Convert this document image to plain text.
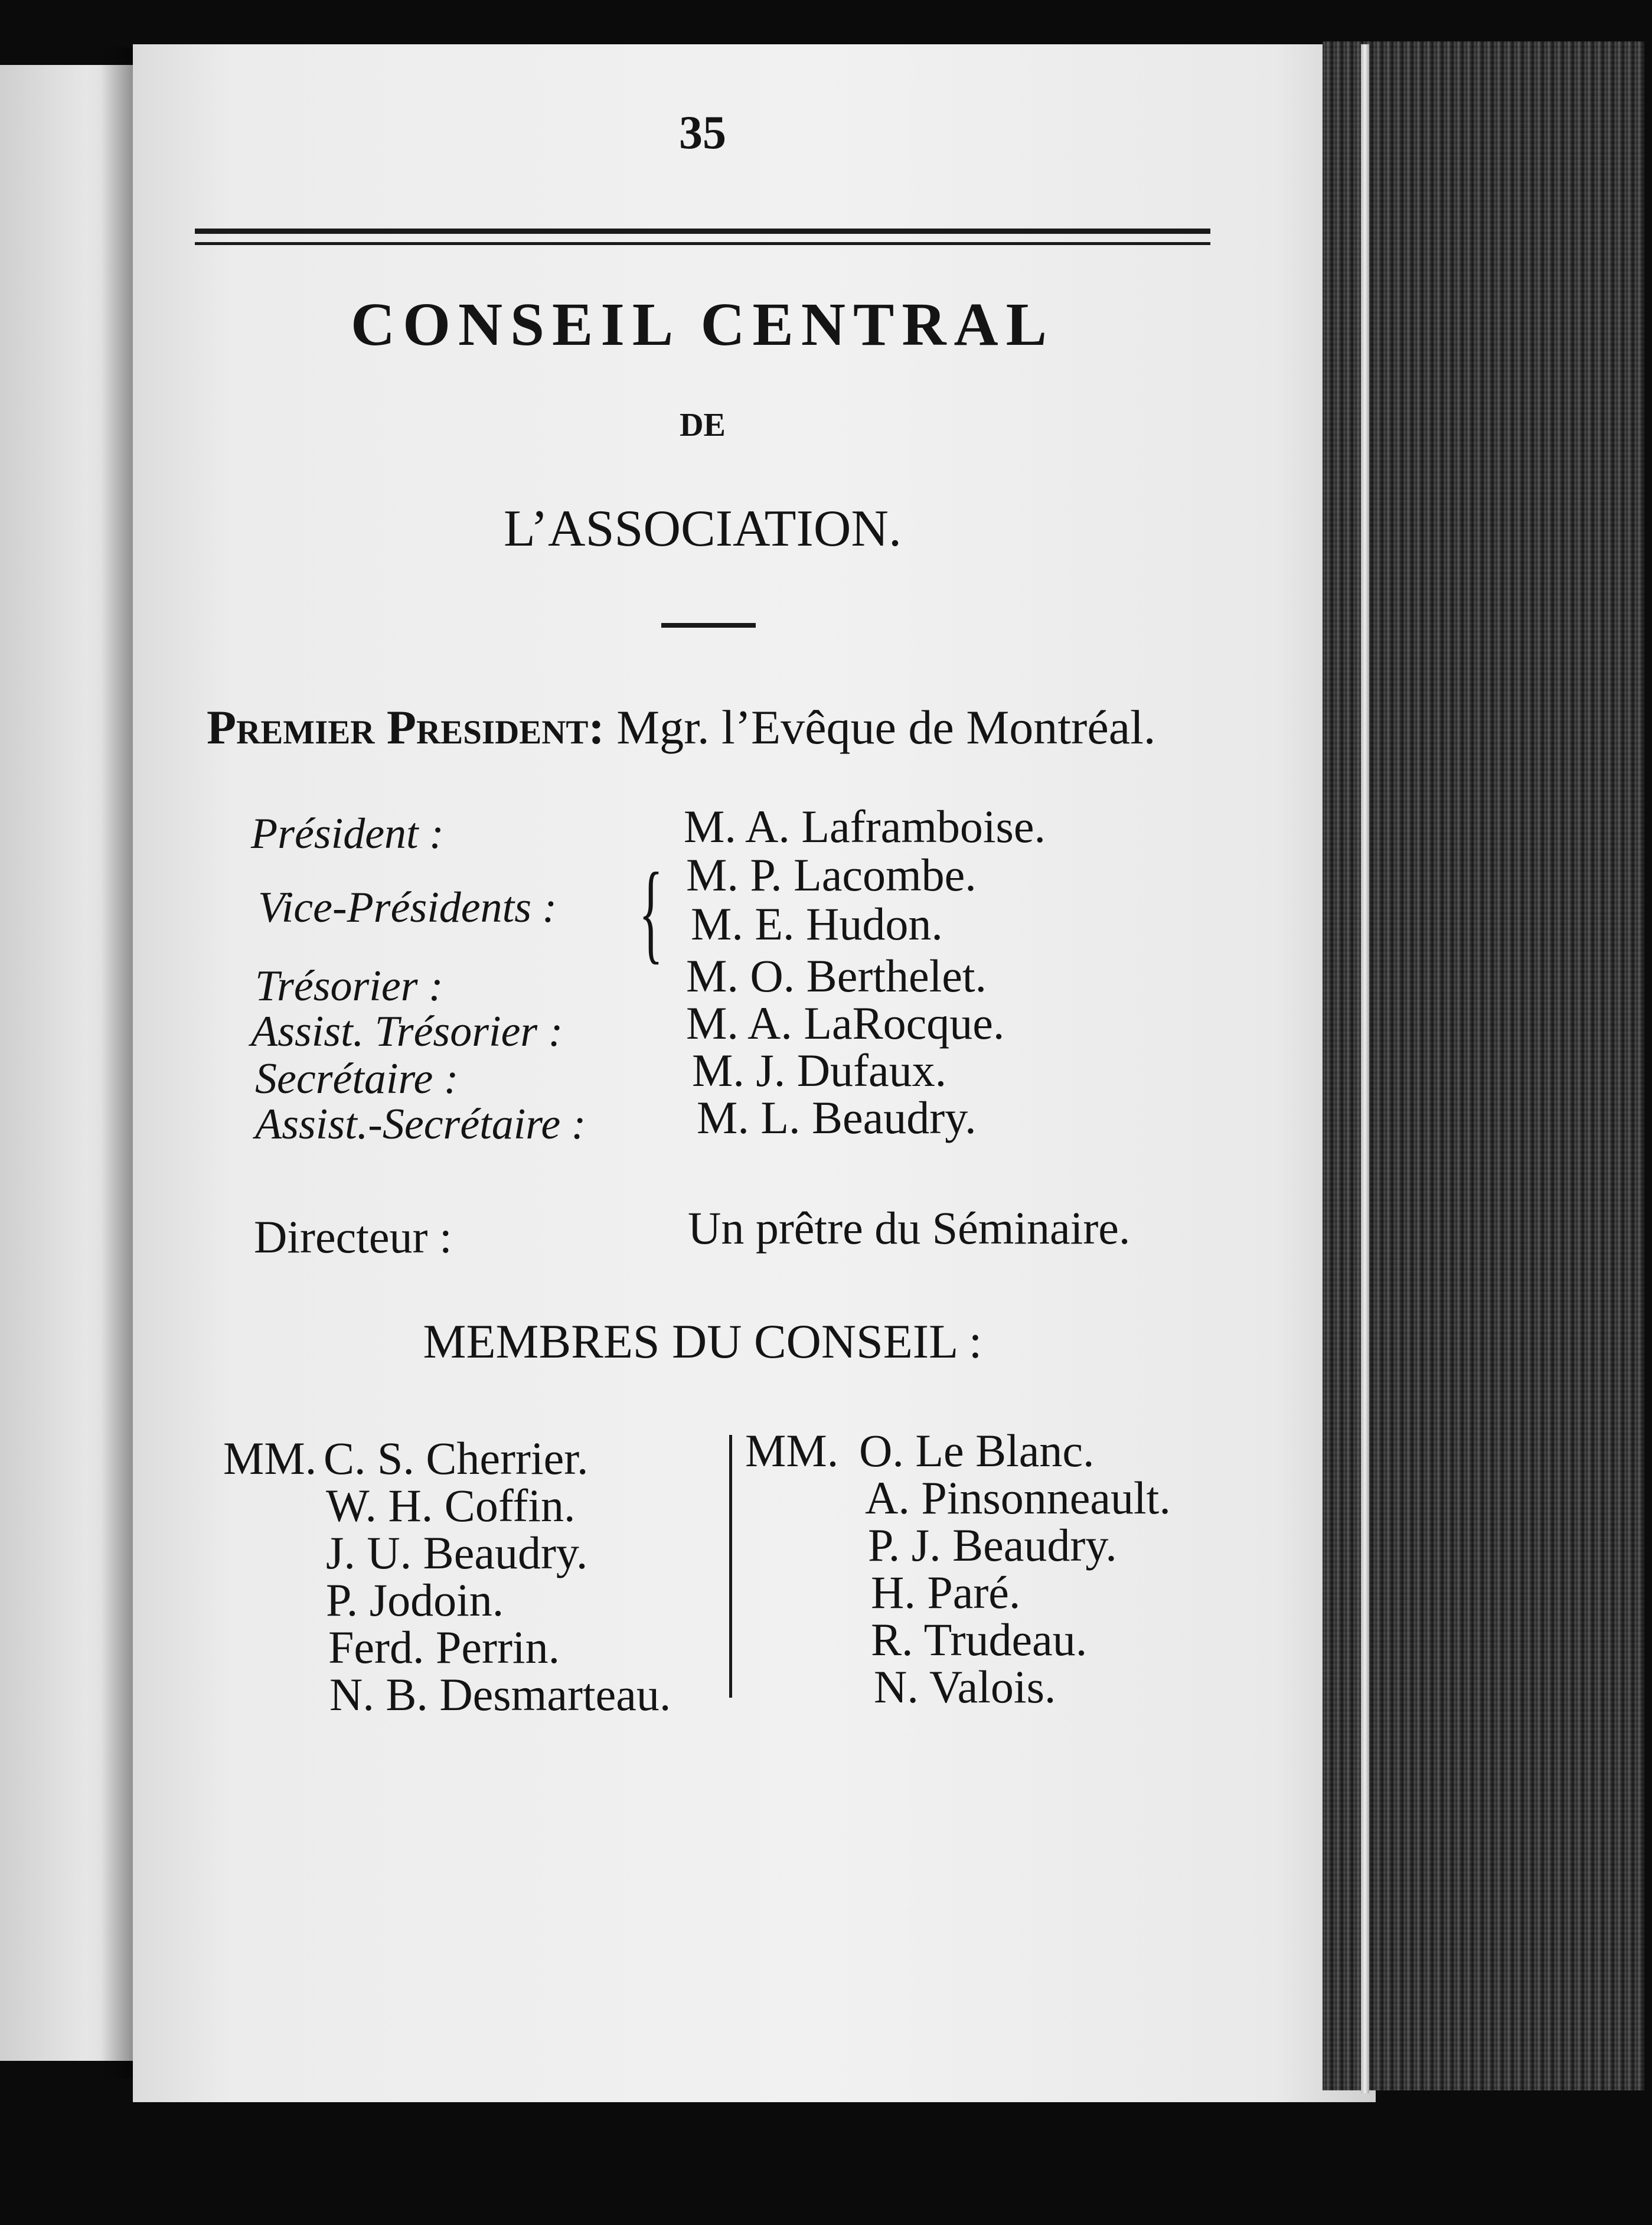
35
CONSEIL CENTRAL
DE
L’ASSOCIATION.
Premier President: Mgr. l’Evêque de Montréal.
Président :	M. A. Laframboise.
Vice-Présidents : { M. P. Lacombe.
M. E. Hudon.
Trésorier :	M. O. Berthelet.
Assist. Trésorier :	M. A. LaRocque.
Secrétaire :	M. J. Dufaux.
Assist.-Secrétaire : M. L. Beaudry.
Directeur :	Un prêtre du Séminaire.
MEMBRES DU CONSEIL :
MM. C. S. Cherrier.
W. H. Coffin.
J. U. Beaudry.
P. Jodoin.
Ferd. Perrin.
N. B. Desmarteau.
MM. O. Le Blanc.
A. Pinsonneault.
P. J. Beaudry.
H. Paré.
R. Trudeau.
N. Valois.
